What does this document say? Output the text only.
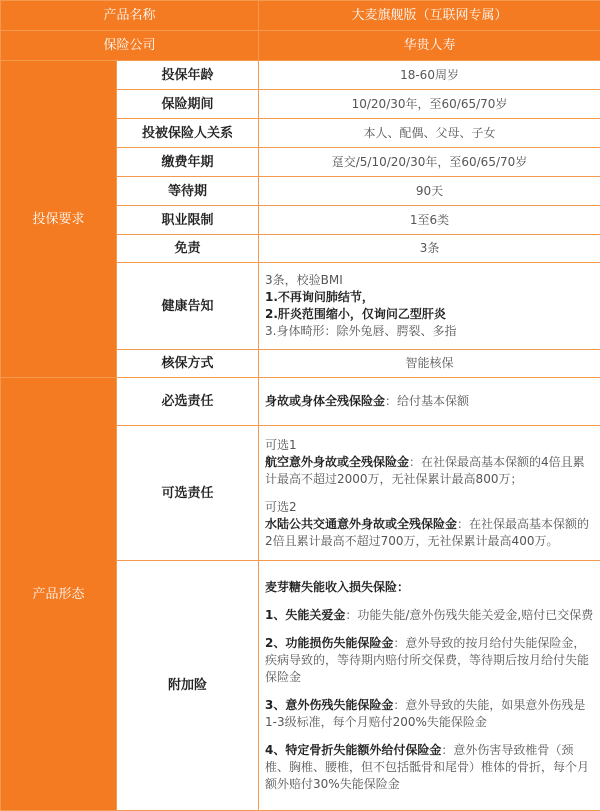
产品名称		大麦旗舰版（互联网专属）
保险公司		华贵人寿
投保要求	投保年龄	18-60周岁
	保险期间	10/20/30年，至60/65/70岁
	投被保险人关系	本人、配偶、父母、子女
	缴费年期	趸交/5/10/20/30年，至60/65/70岁
	等待期	90天
	职业限制	1至6类
	免责	3条
	健康告知	3条，校验BMI

1.不再询问肺结节，

2.肝炎范围缩小，仅询问乙型肝炎

3.身体畸形：除外兔唇、腭裂、多指

	核保方式	智能核保
产品形态	必选责任	身故或身体全残保险金：给付基本保额
	可选责任	可选1

航空意外身故或全残保险金：在社保最高基本保额的4倍且累计最高不超过2000万，无社保累计最高800万；

可选2

水陆公共交通意外身故或全残保险金：在社保最高基本保额的2倍且累计最高不超过700万，无社保累计最高400万。

	附加险	麦芽糖失能收入损失保险：

1、失能关爱金：功能失能/意外伤残失能关爱金,赔付已交保费

2、功能损伤失能保险金：意外导致的按月给付失能保险金，疾病导致的，等待期内赔付所交保费，等待期后按月给付失能保险金

3、意外伤残失能保险金：意外导致的失能，如果意外伤残是1-3级标准，每个月赔付200%失能保险金

4、特定骨折失能额外给付保险金：意外伤害导致椎骨（颈椎、胸椎、腰椎，但不包括骶骨和尾骨）椎体的骨折，每个月额外赔付30%失能保险金
